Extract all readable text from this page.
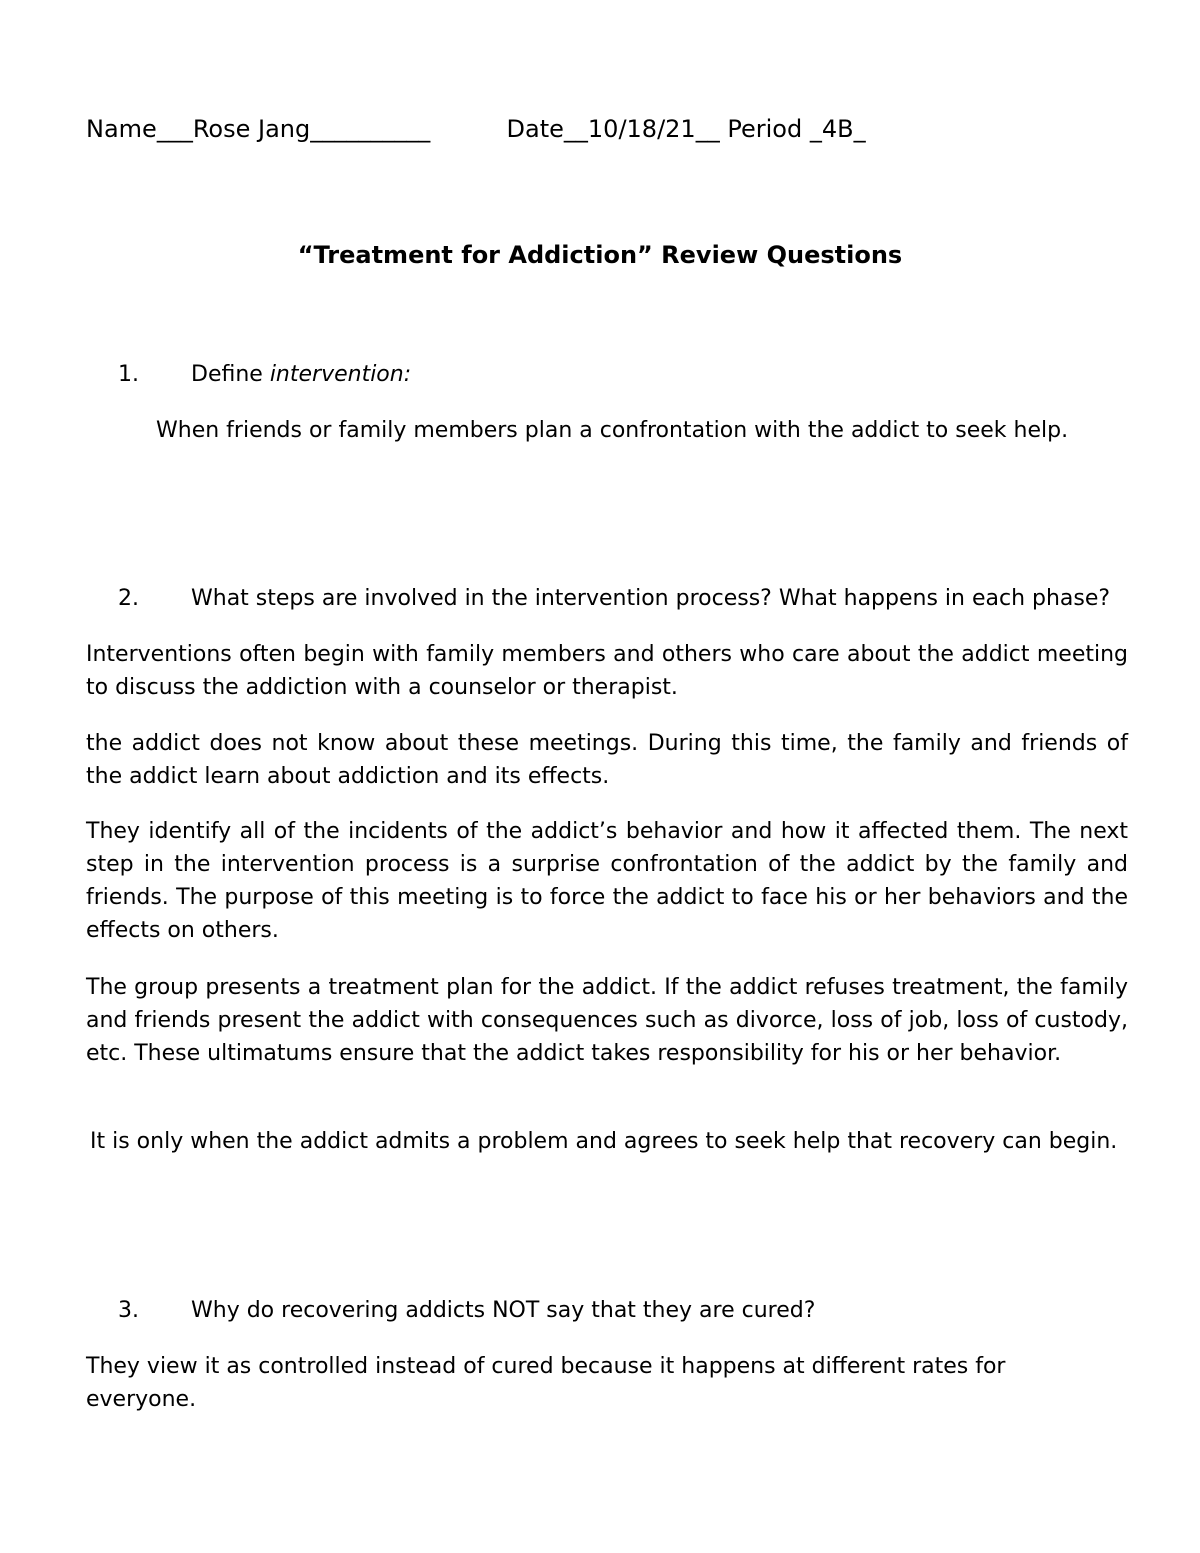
Name___Rose Jang__________	Date__10/18/21__ Period _4B_
“Treatment for Addiction” Review Questions
1.	Define intervention:
When friends or family members plan a confrontation with the addict to seek help.
2.	What steps are involved in the intervention process? What happens in each phase?

Interventions often begin with family members and others who care about the addict meeting to discuss the addiction with a counselor or therapist.

the addict does not know about these meetings. During this time, the family and friends of the addict learn about addiction and its effects.

They identify all of the incidents of the addict’s behavior and how it affected them. The next step in the intervention process is a surprise confrontation of the addict by the family and friends. The purpose of this meeting is to force the addict to face his or her behaviors and the effects on others.

The group presents a treatment plan for the addict. If the addict refuses treatment, the family and friends present the addict with consequences such as divorce, loss of job, loss of custody, etc. These ultimatums ensure that the addict takes responsibility for his or her behavior.

It is only when the addict admits a problem and agrees to seek help that recovery can begin.
3.	Why do recovering addicts NOT say that they are cured?

They view it as controlled instead of cured because it happens at different rates for everyone.
